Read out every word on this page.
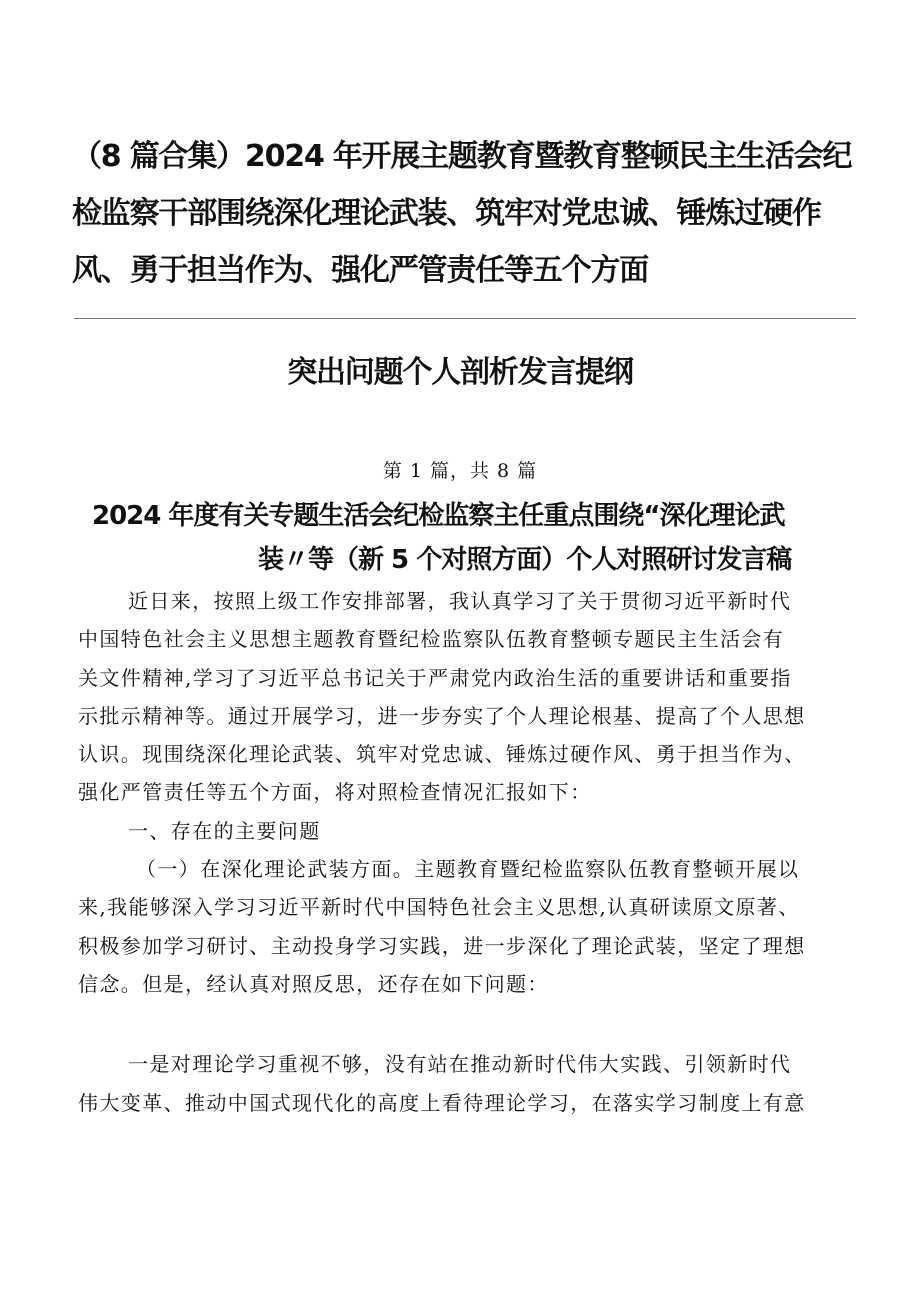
（8 篇合集）2024 年开展主题教育暨教育整顿民主生活会纪
检监察干部围绕深化理论武装、筑牢对党忠诚、锤炼过硬作
风、勇于担当作为、强化严管责任等五个方面
突出问题个人剖析发言提纲
第 1 篇，共 8 篇
2024 年度有关专题生活会纪检监察主任重点围绕“深化理论武
装〃等（新 5 个对照方面）个人对照研讨发言稿
近日来，按照上级工作安排部署，我认真学习了关于贯彻习近平新时代
中国特色社会主义思想主题教育暨纪检监察队伍教育整顿专题民主生活会有
关文件精神,学习了习近平总书记关于严肃党内政治生活的重要讲话和重要指
示批示精神等。通过开展学习，进一步夯实了个人理论根基、提高了个人思想
认识。现围绕深化理论武装、筑牢对党忠诚、锤炼过硬作风、勇于担当作为、
强化严管责任等五个方面，将对照检查情况汇报如下：
一、存在的主要问题
（一）在深化理论武装方面。主题教育暨纪检监察队伍教育整顿开展以
来,我能够深入学习习近平新时代中国特色社会主义思想,认真研读原文原著、
积极参加学习研讨、主动投身学习实践，进一步深化了理论武装，坚定了理想
信念。但是，经认真对照反思，还存在如下问题：
一是对理论学习重视不够，没有站在推动新时代伟大实践、引领新时代
伟大变革、推动中国式现代化的高度上看待理论学习，在落实学习制度上有意
